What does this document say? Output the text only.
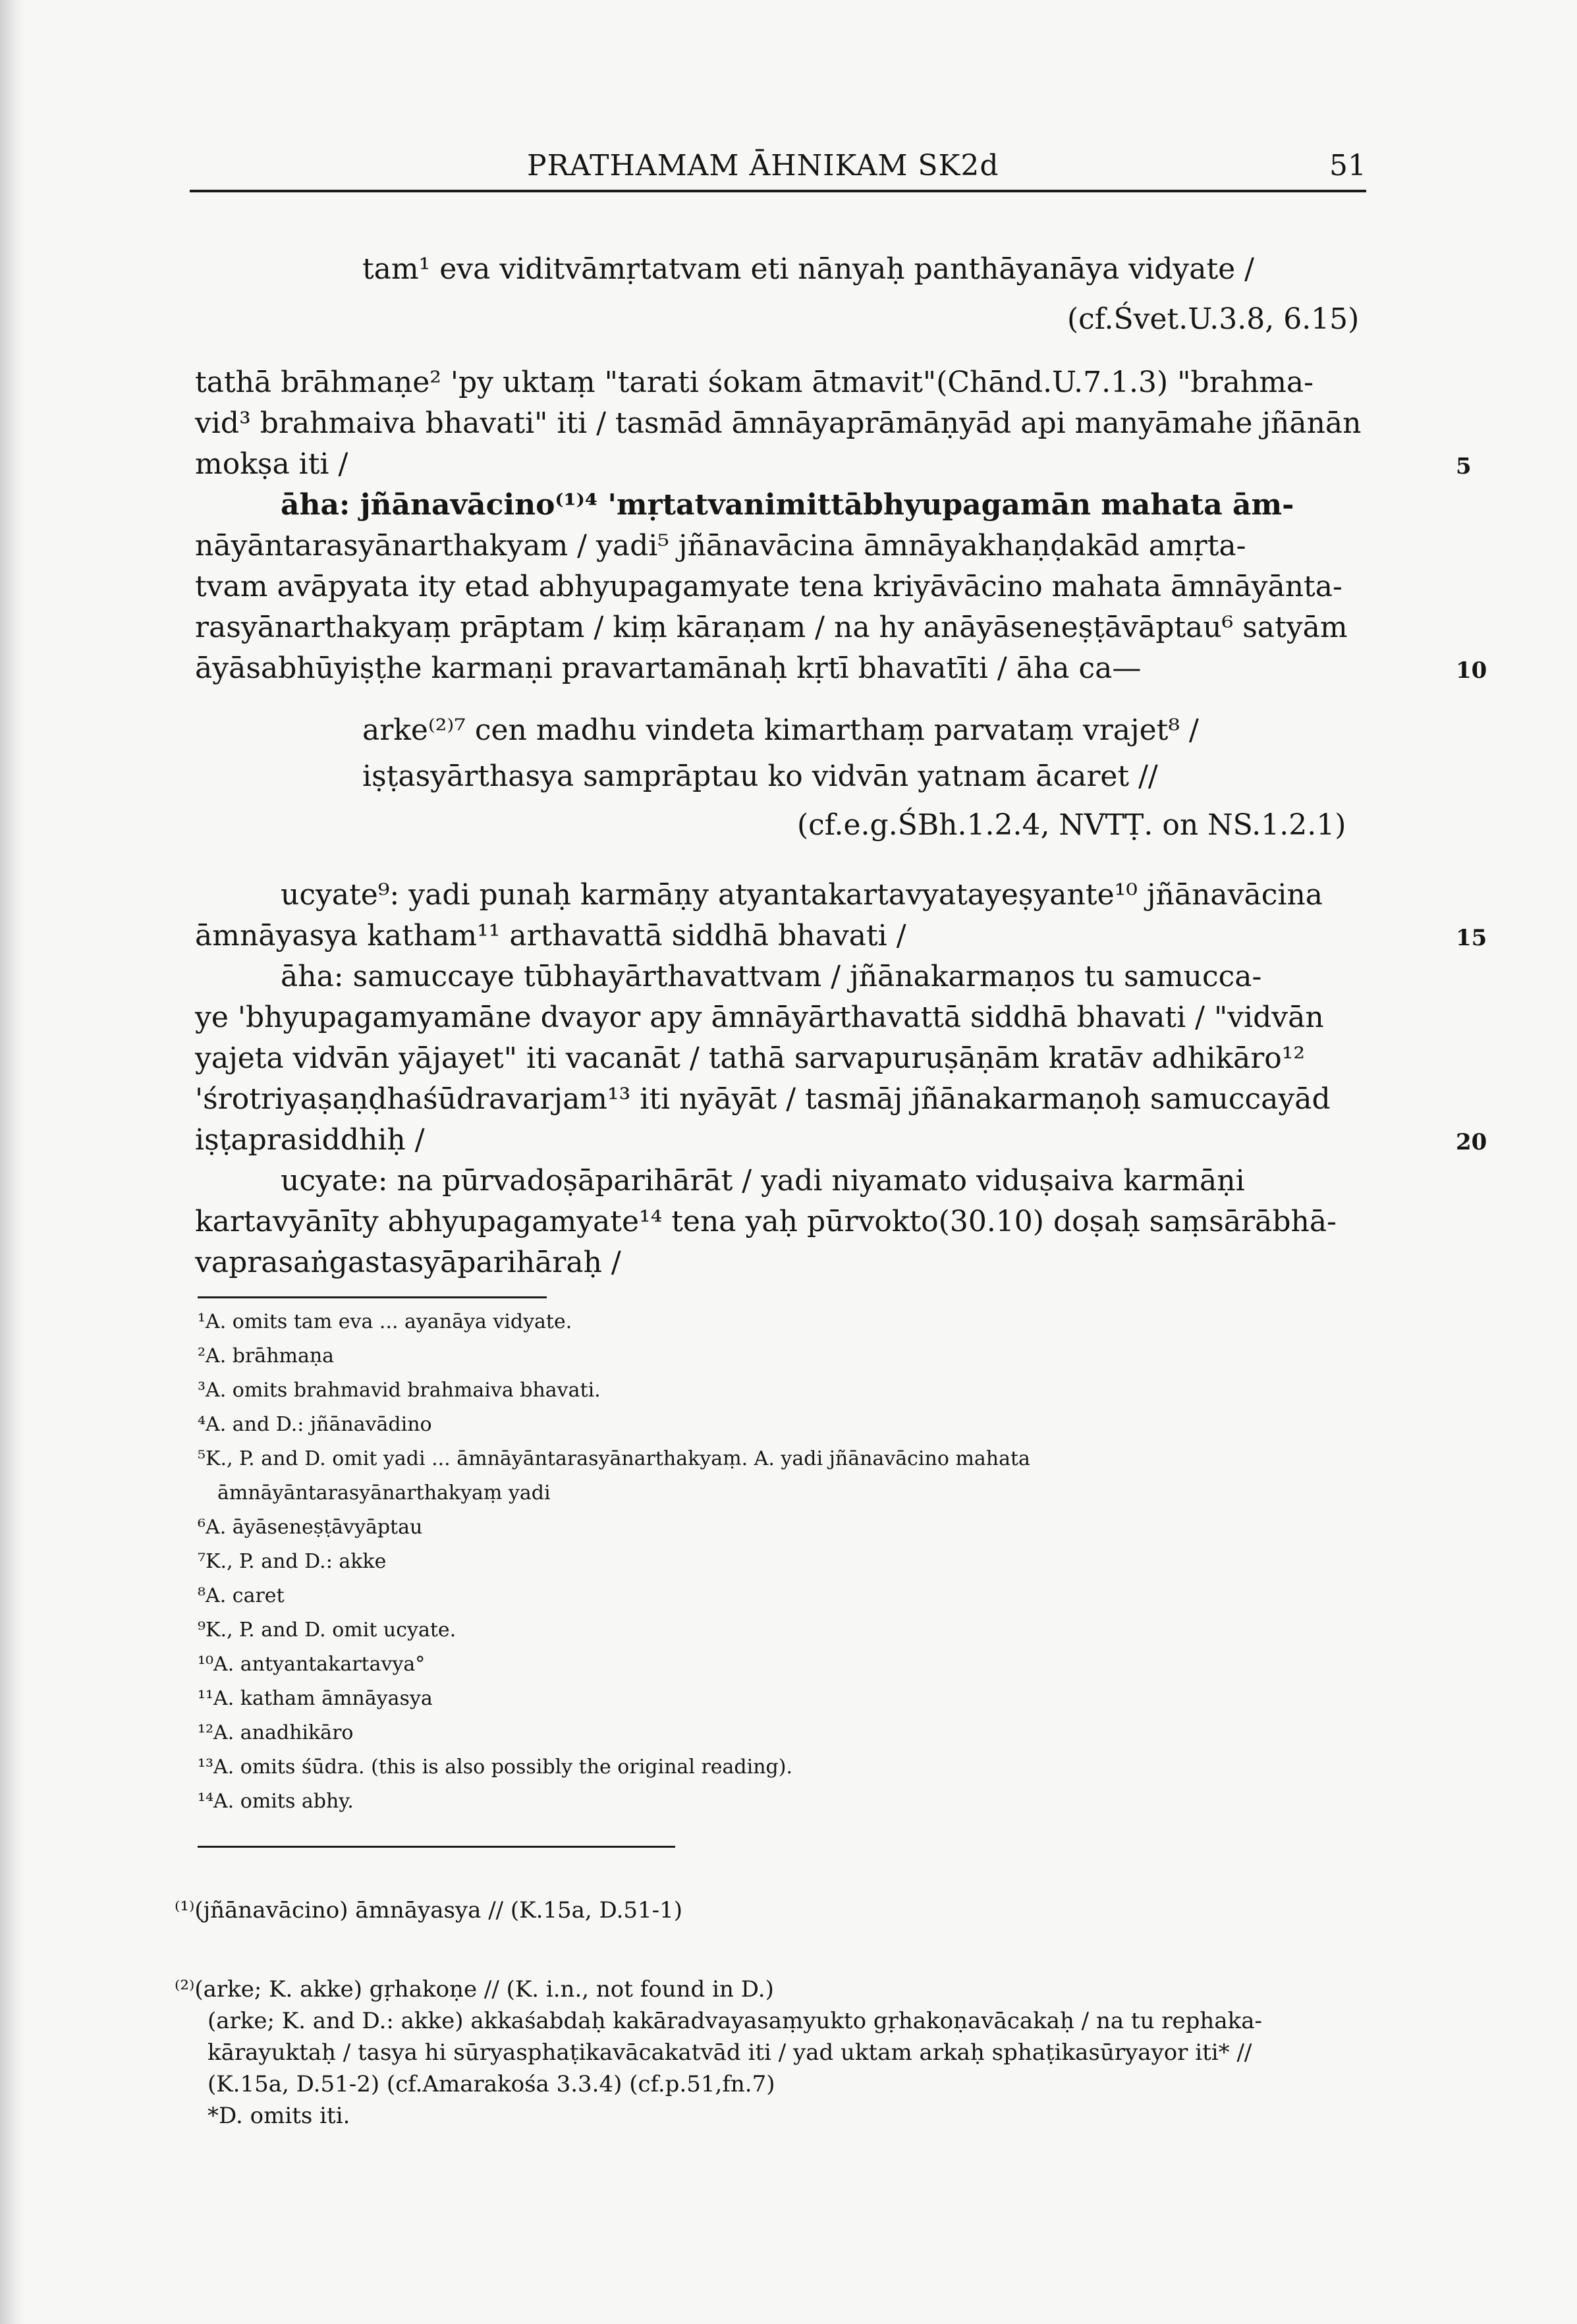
PRATHAMAM ĀHNIKAM SK2d	51
tam¹ eva viditvāmṛtatvam eti nānyaḥ panthāyanāya vidyate /
(cf.Śvet.U.3.8, 6.15)
tathā brāhmaṇe² 'py uktaṃ "tarati śokam ātmavit"(Chānd.U.7.1.3) "brahma-
vid³ brahmaiva bhavati" iti / tasmād āmnāyaprāmāṇyād api manyāmahe jñānān
mokṣa iti /
āha: jñānavācino⁽¹⁾⁴ 'mṛtatvanimittābhyupagamān mahata ām-
nāyāntarasyānarthakyam / yadi⁵ jñānavācina āmnāyakhaṇḍakād amṛta-
tvam avāpyata ity etad abhyupagamyate tena kriyāvācino mahata āmnāyānta-
rasyānarthakyaṃ prāptam / kiṃ kāraṇam / na hy anāyāseneṣṭāvāptau⁶ satyām
āyāsabhūyiṣṭhe karmaṇi pravartamānaḥ kṛtī bhavatīti / āha ca—
arke⁽²⁾⁷ cen madhu vindeta kimarthaṃ parvataṃ vrajet⁸ /
iṣṭasyārthasya samprāptau ko vidvān yatnam ācaret //
(cf.e.g.ŚBh.1.2.4, NVTṬ. on NS.1.2.1)
ucyate⁹: yadi punaḥ karmāṇy atyantakartavyatayeṣyante¹⁰ jñānavācina
āmnāyasya katham¹¹ arthavattā siddhā bhavati /
āha: samuccaye tūbhayārthavattvam / jñānakarmaṇos tu samucca-
ye 'bhyupagamyamāne dvayor apy āmnāyārthavattā siddhā bhavati / "vidvān
yajeta vidvān yājayet" iti vacanāt / tathā sarvapuruṣāṇām kratāv adhikāro¹²
'śrotriyaṣaṇḍhaśūdravarjam¹³ iti nyāyāt / tasmāj jñānakarmaṇoḥ samuccayād
iṣṭaprasiddhiḥ /
ucyate: na pūrvadoṣāparihārāt / yadi niyamato viduṣaiva karmāṇi
kartavyānīty abhyupagamyate¹⁴ tena yaḥ pūrvokto(30.10) doṣaḥ saṃsārābhā-
vaprasaṅgastasyāparihāraḥ /
5
10
15
20
¹A. omits tam eva ... ayanāya vidyate.
²A. brāhmaṇa
³A. omits brahmavid brahmaiva bhavati.
⁴A. and D.: jñānavādino
⁵K., P. and D. omit yadi ... āmnāyāntarasyānarthakyaṃ. A. yadi jñānavācino mahata
āmnāyāntarasyānarthakyaṃ yadi
⁶A. āyāseneṣṭāvyāptau
⁷K., P. and D.: akke
⁸A. caret
⁹K., P. and D. omit ucyate.
¹⁰A. antyantakartavya°
¹¹A. katham āmnāyasya
¹²A. anadhikāro
¹³A. omits śūdra. (this is also possibly the original reading).
¹⁴A. omits abhy.
⁽¹⁾(jñānavācino) āmnāyasya // (K.15a, D.51-1)
⁽²⁾(arke; K. akke) gṛhakoṇe // (K. i.n., not found in D.)
(arke; K. and D.: akke) akkaśabdaḥ kakāradvayasaṃyukto gṛhakoṇavācakaḥ / na tu rephaka-
kārayuktaḥ / tasya hi sūryasphaṭikavācakatvād iti / yad uktam arkaḥ sphaṭikasūryayor iti* //
(K.15a, D.51-2) (cf.Amarakośa 3.3.4) (cf.p.51,fn.7)
*D. omits iti.
